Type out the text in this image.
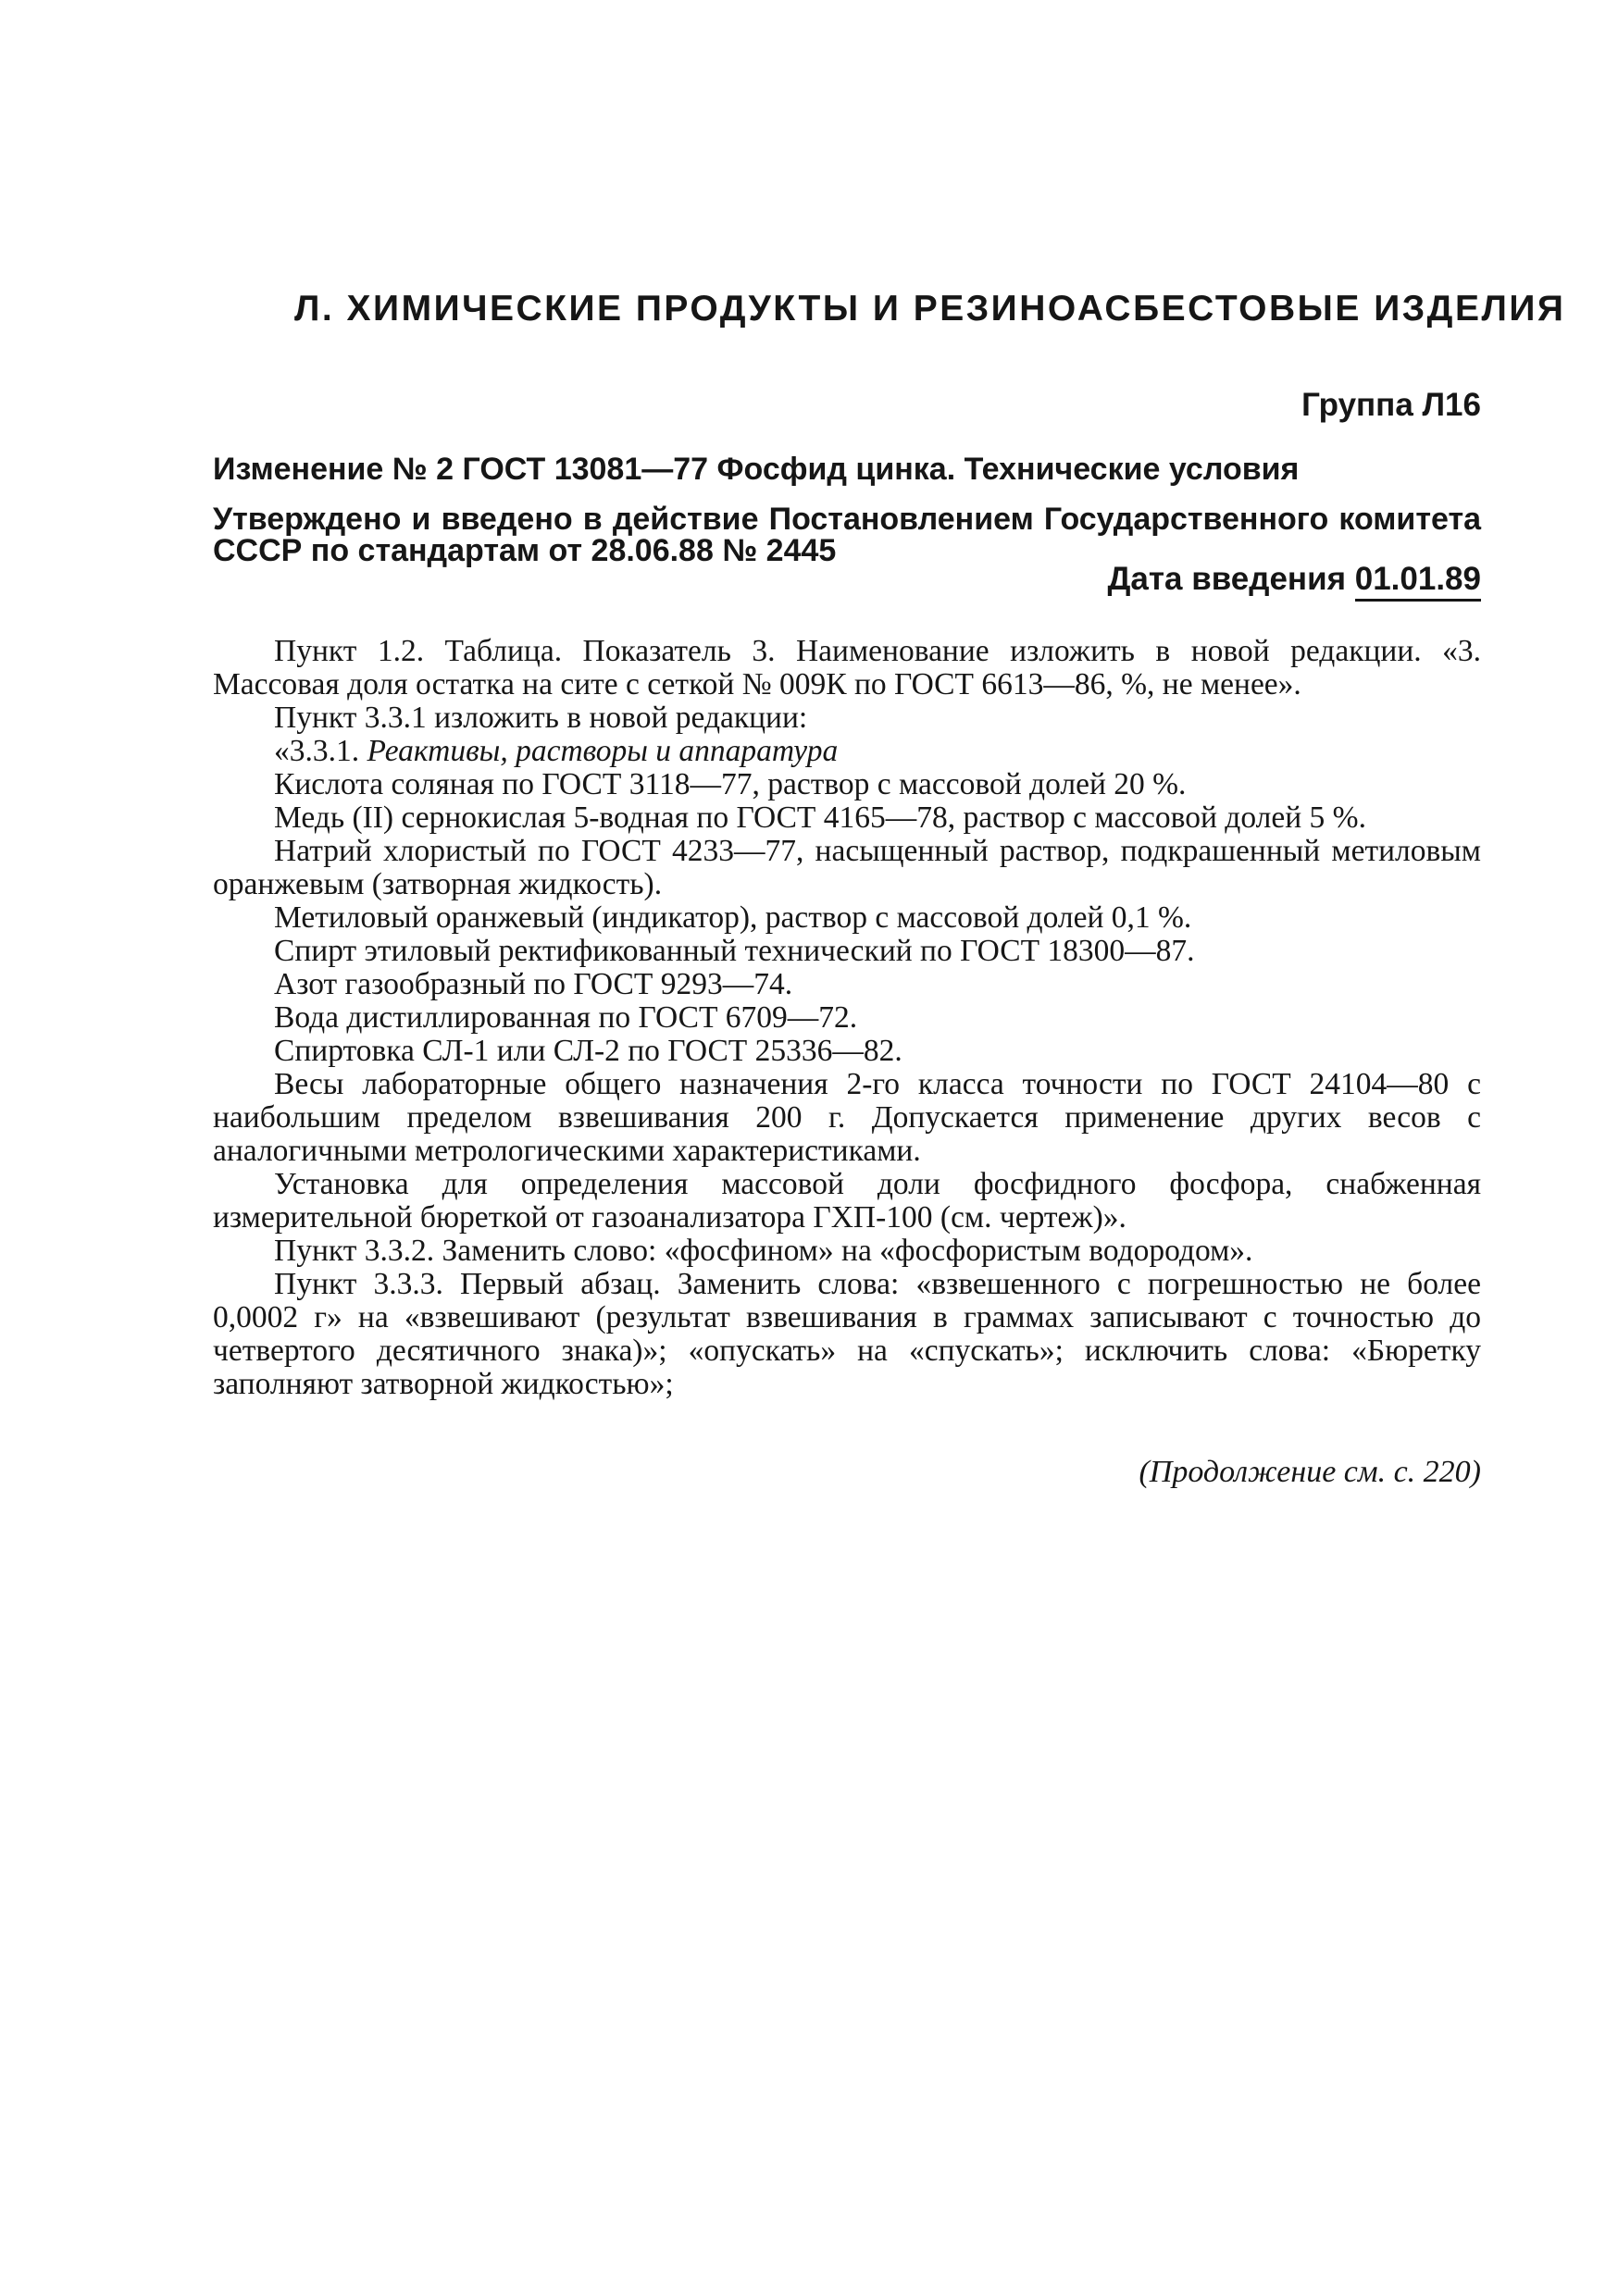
Л. ХИМИЧЕСКИЕ ПРОДУКТЫ И РЕЗИНОАСБЕСТОВЫЕ ИЗДЕЛИЯ
Группа Л16
Изменение № 2 ГОСТ 13081—77 Фосфид цинка. Технические условия
Утверждено и введено в действие Постановлением Государственного комитета
СССР по стандартам от 28.06.88 № 2445
Дата введения 01.01.89

Пункт 1.2. Таблица. Показатель 3. Наименование изложить в новой редакции. «3. Массовая доля остатка на сите с сеткой № 009К по ГОСТ 6613—86, %, не менее».

Пункт 3.3.1 изложить в новой редакции:

«3.3.1. Реактивы, растворы и аппаратура

Кислота соляная по ГОСТ 3118—77, раствор с массовой долей 20 %.

Медь (II) сернокислая 5-водная по ГОСТ 4165—78, раствор с массовой долей 5 %.

Натрий хлористый по ГОСТ 4233—77, насыщенный раствор, подкрашенный метиловым оранжевым (затворная жидкость).

Метиловый оранжевый (индикатор), раствор с массовой долей 0,1 %.

Спирт этиловый ректификованный технический по ГОСТ 18300—87.

Азот газообразный по ГОСТ 9293—74.

Вода дистиллированная по ГОСТ 6709—72.

Спиртовка СЛ-1 или СЛ-2 по ГОСТ 25336—82.

Весы лабораторные общего назначения 2-го класса точности по ГОСТ 24104—80 с наибольшим пределом взвешивания 200 г. Допускается применение других весов с аналогичными метрологическими характеристиками.

Установка для определения массовой доли фосфидного фосфора, снабженная измерительной бюреткой от газоанализатора ГХП-100 (см. чертеж)».

Пункт 3.3.2. Заменить слово: «фосфином» на «фосфористым водородом».

Пункт 3.3.3. Первый абзац. Заменить слова: «взвешенного с погрешностью не более 0,0002 г» на «взвешивают (результат взвешивания в граммах записывают с точностью до четвертого десятичного знака)»; «опускать» на «спускать»; исключить слова: «Бюретку заполняют затворной жидкостью»;

(Продолжение см. с. 220)
